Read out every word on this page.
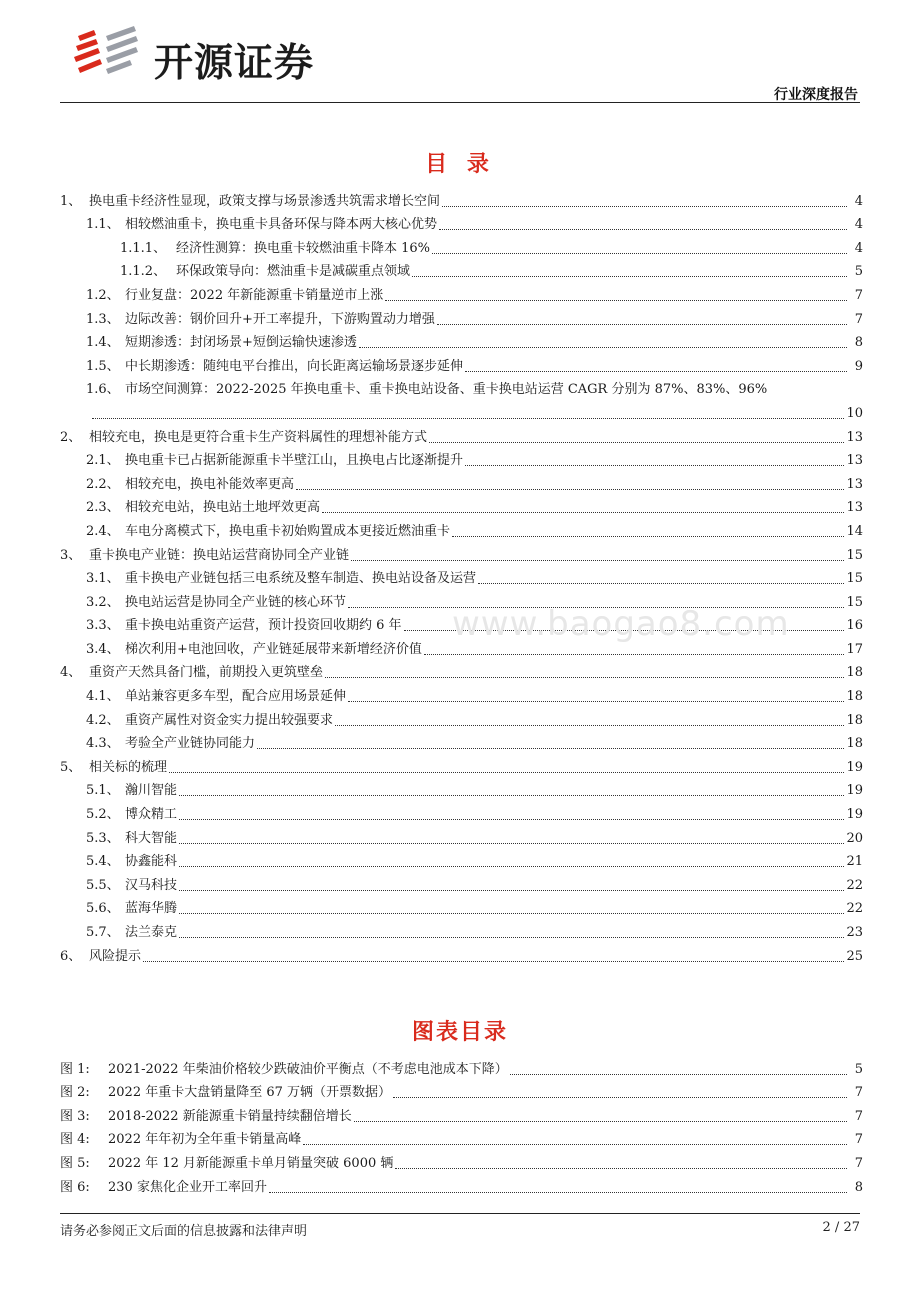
开源证券
行业深度报告
目 录
1、 换电重卡经济性显现，政策支撑与场景渗透共筑需求增长空间	4
1.1、 相较燃油重卡，换电重卡具备环保与降本两大核心优势	4
1.1.1、 经济性测算：换电重卡较燃油重卡降本 16%	4
1.1.2、 环保政策导向：燃油重卡是减碳重点领域	5
1.2、 行业复盘：2022 年新能源重卡销量逆市上涨	7
1.3、 边际改善：钢价回升+开工率提升，下游购置动力增强	7
1.4、 短期渗透：封闭场景+短倒运输快速渗透	8
1.5、 中长期渗透：随纯电平台推出，向长距离运输场景逐步延伸	9
1.6、 市场空间测算：2022-2025 年换电重卡、重卡换电站设备、重卡换电站运营 CAGR 分别为 87%、83%、96%
10
2、 相较充电，换电是更符合重卡生产资料属性的理想补能方式	13
2.1、 换电重卡已占据新能源重卡半壁江山，且换电占比逐渐提升	13
2.2、 相较充电，换电补能效率更高	13
2.3、 相较充电站，换电站土地坪效更高	13
2.4、 车电分离模式下，换电重卡初始购置成本更接近燃油重卡	14
3、 重卡换电产业链：换电站运营商协同全产业链	15
3.1、 重卡换电产业链包括三电系统及整车制造、换电站设备及运营	15
3.2、 换电站运营是协同全产业链的核心环节	15
3.3、 重卡换电站重资产运营，预计投资回收期约 6 年	16
3.4、 梯次利用+电池回收，产业链延展带来新增经济价值	17
4、 重资产天然具备门槛，前期投入更筑壁垒	18
4.1、 单站兼容更多车型，配合应用场景延伸	18
4.2、 重资产属性对资金实力提出较强要求	18
4.3、 考验全产业链协同能力	18
5、 相关标的梳理	19
5.1、 瀚川智能	19
5.2、 博众精工	19
5.3、 科大智能	20
5.4、 协鑫能科	21
5.5、 汉马科技	22
5.6、 蓝海华腾	22
5.7、 法兰泰克	23
6、 风险提示	25
www.baogao8.com
图表目录
图 1:	2021-2022 年柴油价格较少跌破油价平衡点（不考虑电池成本下降）	5
图 2:	2022 年重卡大盘销量降至 67 万辆（开票数据）	7
图 3:	2018-2022 新能源重卡销量持续翻倍增长	7
图 4:	2022 年年初为全年重卡销量高峰	7
图 5:	2022 年 12 月新能源重卡单月销量突破 6000 辆	7
图 6:	230 家焦化企业开工率回升	8
请务必参阅正文后面的信息披露和法律声明	2 / 27
